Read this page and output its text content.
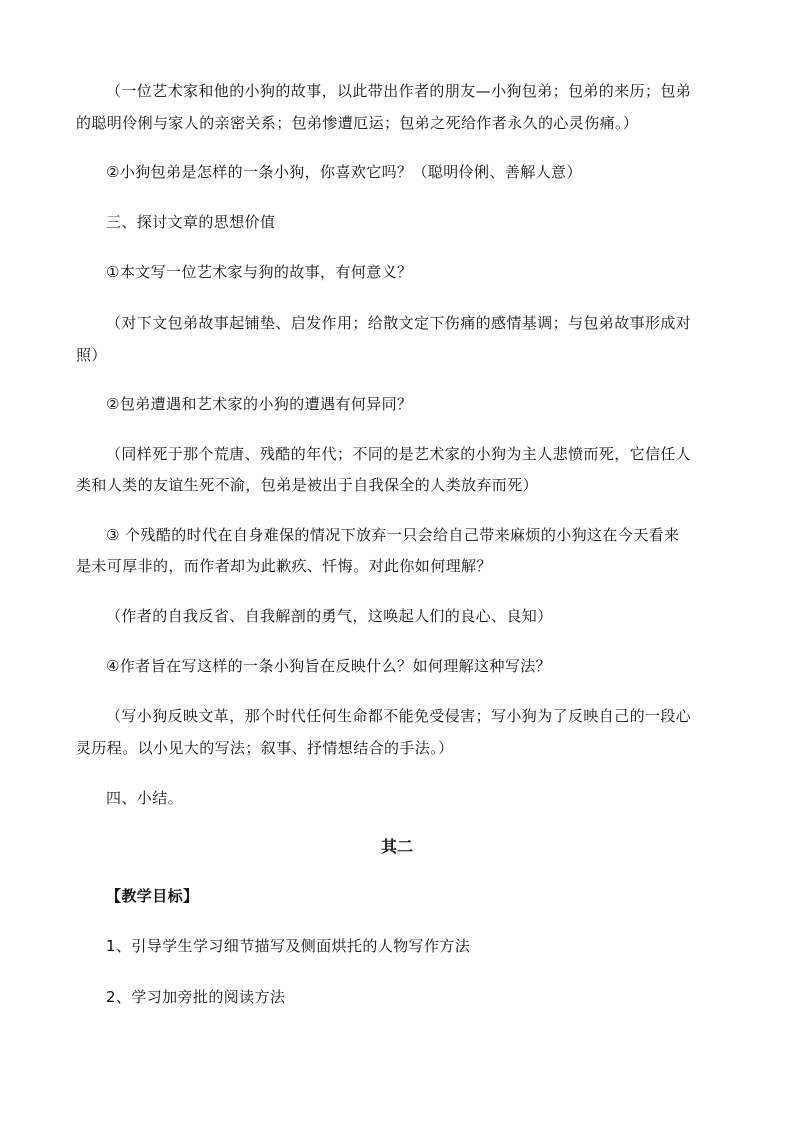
（一位艺术家和他的小狗的故事，以此带出作者的朋友—小狗包弟；包弟的来历；包弟
的聪明伶俐与家人的亲密关系；包弟惨遭厄运；包弟之死给作者永久的心灵伤痛。）
②小狗包弟是怎样的一条小狗，你喜欢它吗？（聪明伶俐、善解人意）
三、探讨文章的思想价值
①本文写一位艺术家与狗的故事，有何意义？
（对下文包弟故事起铺垫、启发作用；给散文定下伤痛的感情基调；与包弟故事形成对
照）
②包弟遭遇和艺术家的小狗的遭遇有何异同？
（同样死于那个荒唐、残酷的年代；不同的是艺术家的小狗为主人悲愤而死，它信任人
类和人类的友谊生死不渝，包弟是被出于自我保全的人类放弃而死）
③ 个残酷的时代在自身难保的情况下放弃一只会给自己带来麻烦的小狗这在今天看来
是未可厚非的，而作者却为此歉疚、忏悔。对此你如何理解？
（作者的自我反省、自我解剖的勇气，这唤起人们的良心、良知）
④作者旨在写这样的一条小狗旨在反映什么？如何理解这种写法？
（写小狗反映文革，那个时代任何生命都不能免受侵害；写小狗为了反映自己的一段心
灵历程。以小见大的写法；叙事、抒情想结合的手法。）
四、小结。
其二
【教学目标】
1、引导学生学习细节描写及侧面烘托的人物写作方法
2、学习加旁批的阅读方法
